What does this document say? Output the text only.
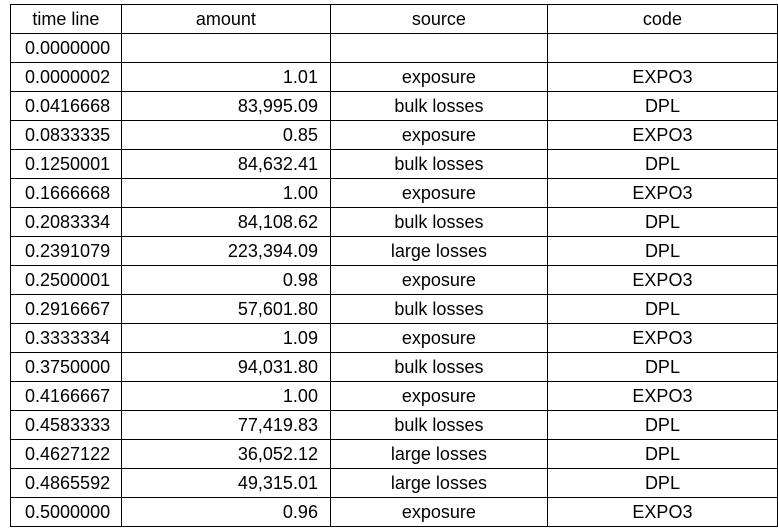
time line	amount	source	code
0.0000000			
0.0000002	1.01	exposure	EXPO3
0.0416668	83,995.09	bulk losses	DPL
0.0833335	0.85	exposure	EXPO3
0.1250001	84,632.41	bulk losses	DPL
0.1666668	1.00	exposure	EXPO3
0.2083334	84,108.62	bulk losses	DPL
0.2391079	223,394.09	large losses	DPL
0.2500001	0.98	exposure	EXPO3
0.2916667	57,601.80	bulk losses	DPL
0.3333334	1.09	exposure	EXPO3
0.3750000	94,031.80	bulk losses	DPL
0.4166667	1.00	exposure	EXPO3
0.4583333	77,419.83	bulk losses	DPL
0.4627122	36,052.12	large losses	DPL
0.4865592	49,315.01	large losses	DPL
0.5000000	0.96	exposure	EXPO3
